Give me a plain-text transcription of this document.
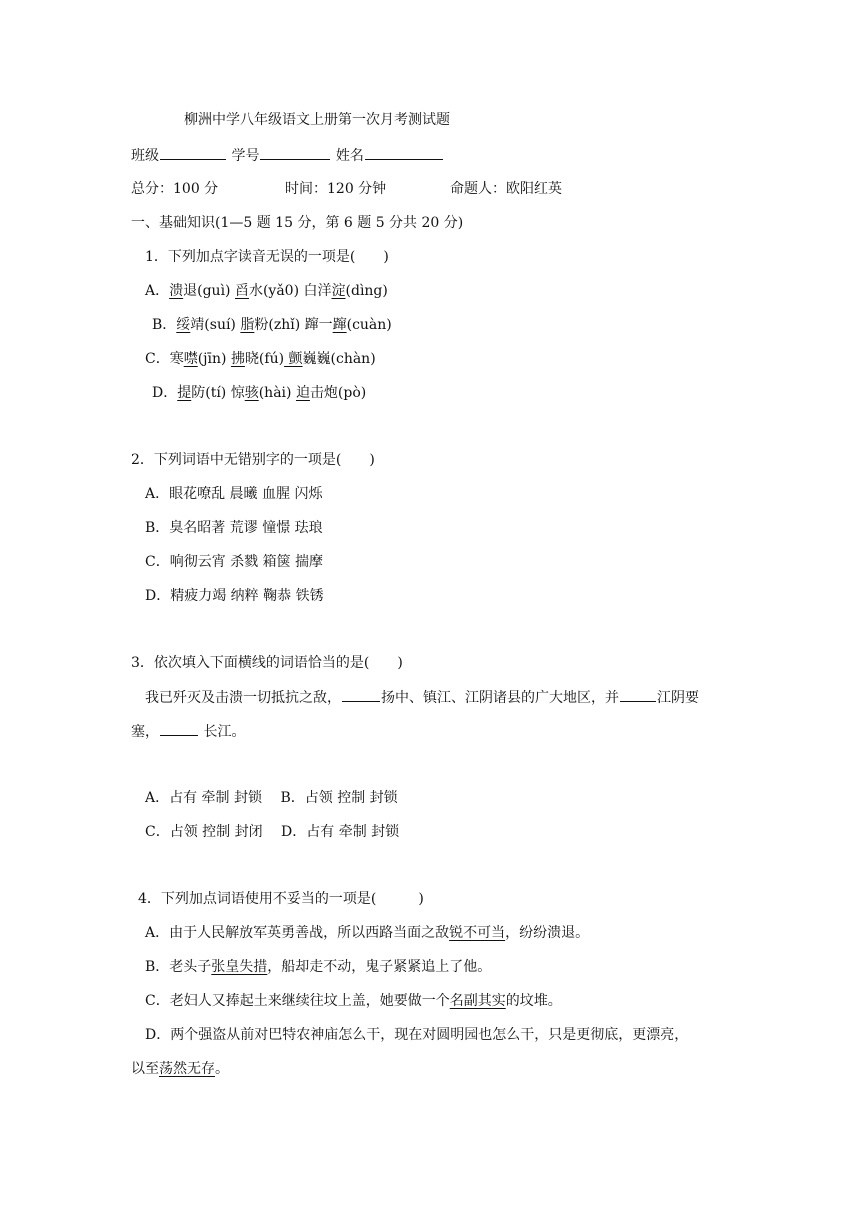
柳洲中学八年级语文上册第一次月考测试题
班级	学号	姓名
总分：100 分	时间：120 分钟	命题人：欧阳红英
一、基础知识(1—5 题 15 分，第 6 题 5 分共 20 分)
1．下列加点字读音无误的一项是(　　)
A．溃退(guì) 舀水(yǎ0) 白洋淀(dìng)
B．绥靖(suí) 脂粉(zhǐ) 蹿一蹿(cuàn)
C．寒噤(jīn) 拂晓(fú) 颤巍巍(chàn)
D．提防(tí) 惊骇(hài) 迫击炮(pò)
2．下列词语中无错别字的一项是(　　)
A．眼花嘹乱 晨曦 血腥 闪烁
B．臭名昭著 荒谬 憧憬 珐琅
C．响彻云宵 杀戮 箱箧 揣摩
D．精疲力竭 纳粹 鞠恭 铁锈
3．依次填入下面横线的词语恰当的是(　　)
我已歼灭及击溃一切抵抗之敌，	扬中、镇江、江阴诸县的广大地区，并	江阴要
塞，	长江。
A．占有 牵制 封锁　 B．占领 控制 封锁
C．占领 控制 封闭　 D．占有 牵制 封锁
4．下列加点词语使用不妥当的一项是(　　　)
A．由于人民解放军英勇善战，所以西路当面之敌锐不可当，纷纷溃退。
B．老头子张皇失措，船却走不动，鬼子紧紧追上了他。
C．老妇人又捧起土来继续往坟上盖，她要做一个名副其实的坟堆。
D．两个强盗从前对巴特农神庙怎么干，现在对圆明园也怎么干，只是更彻底，更漂亮，
以至荡然无存。
